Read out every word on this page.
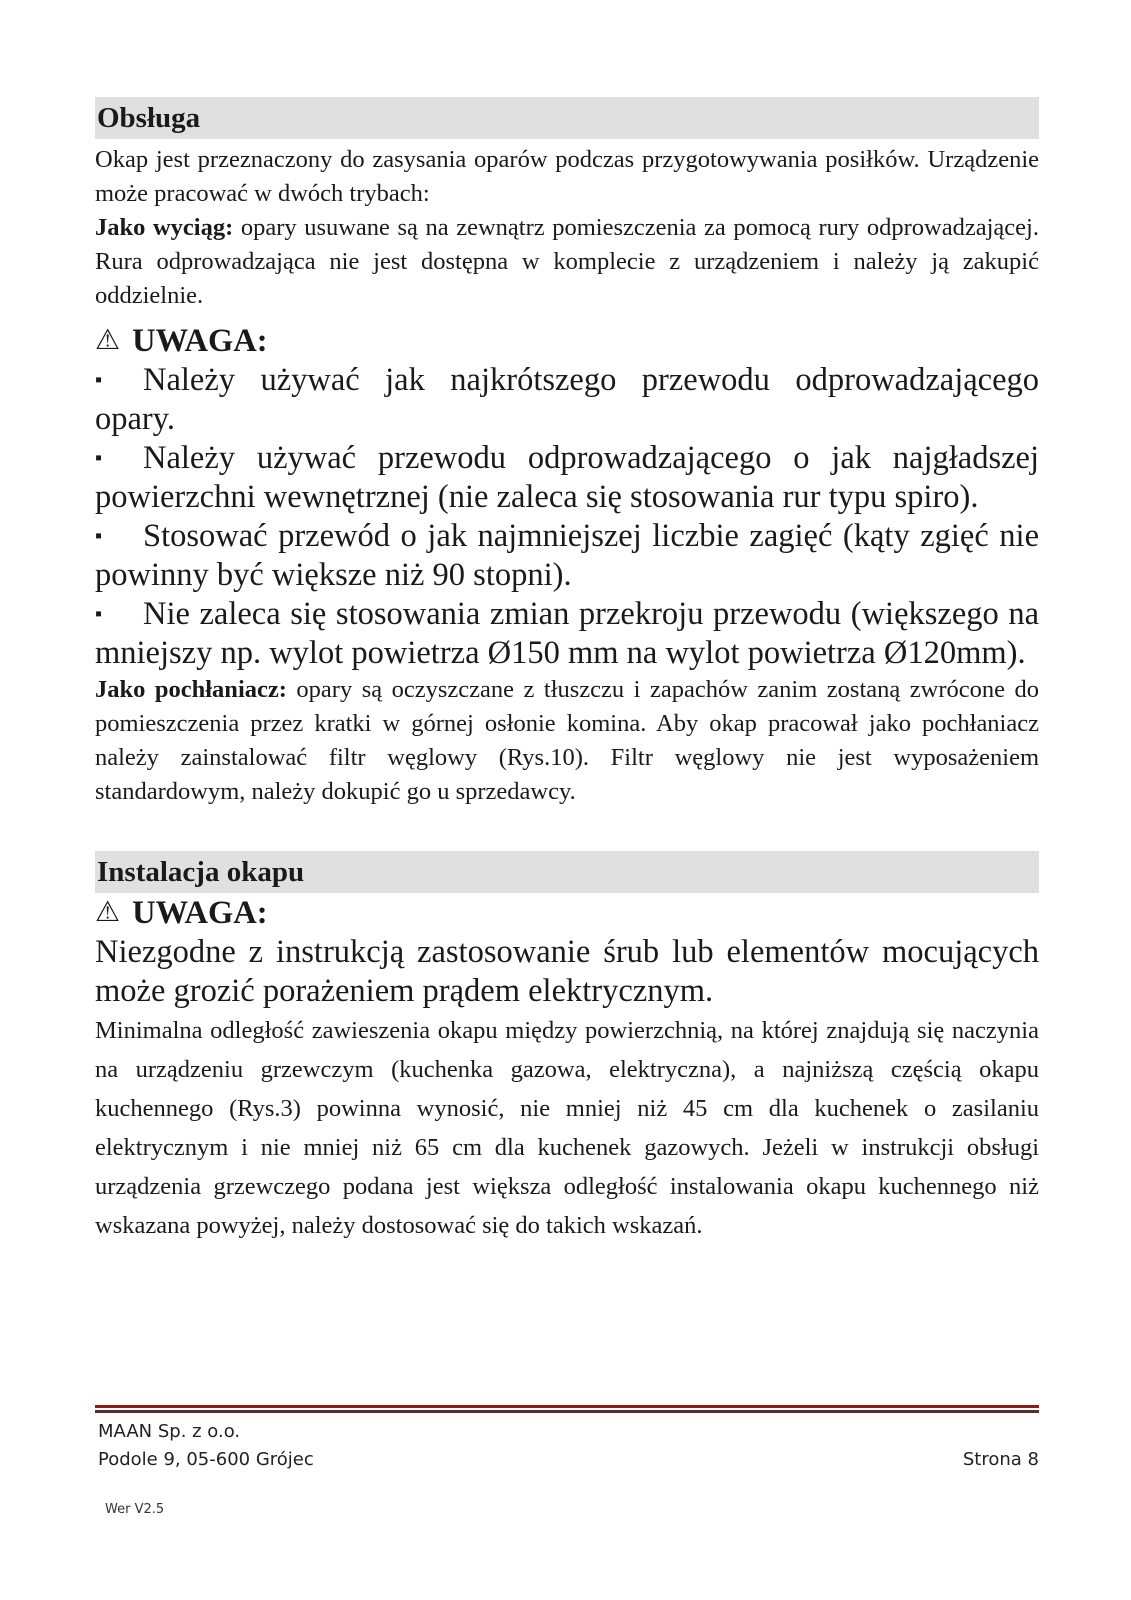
Obsługa

Okap jest przeznaczony do zasysania oparów podczas przygotowywania posiłków. Urządzenie może pracować w dwóch trybach:

Jako wyciąg: opary usuwane są na zewnątrz pomieszczenia za pomocą rury odprowadzającej. Rura odprowadzająca nie jest dostępna w komplecie z urządzeniem i należy ją zakupić oddzielnie.

⚠ UWAGA:

▪ Należy używać jak najkrótszego przewodu odprowadzającego opary.

▪ Należy używać przewodu odprowadzającego o jak najgładszej powierzchni wewnętrznej (nie zaleca się stosowania rur typu spiro).

▪ Stosować przewód o jak najmniejszej liczbie zagięć (kąty zgięć nie powinny być większe niż 90 stopni).

▪ Nie zaleca się stosowania zmian przekroju przewodu (większego na mniejszy np. wylot powietrza Ø150 mm na wylot powietrza Ø120mm).

Jako pochłaniacz: opary są oczyszczane z tłuszczu i zapachów zanim zostaną zwrócone do pomieszczenia przez kratki w górnej osłonie komina. Aby okap pracował jako pochłaniacz należy zainstalować filtr węglowy (Rys.10). Filtr węglowy nie jest wyposażeniem standardowym, należy dokupić go u sprzedawcy.

Instalacja okapu
⚠ UWAGA:

Niezgodne z instrukcją zastosowanie śrub lub elementów mocujących może grozić porażeniem prądem elektrycznym.

Minimalna odległość zawieszenia okapu między powierzchnią, na której znajdują się naczynia na urządzeniu grzewczym (kuchenka gazowa, elektryczna), a najniższą częścią okapu kuchennego (Rys.3) powinna wynosić, nie mniej niż 45 cm dla kuchenek o zasilaniu elektrycznym i nie mniej niż 65 cm dla kuchenek gazowych. Jeżeli w instrukcji obsługi urządzenia grzewczego podana jest większa odległość instalowania okapu kuchennego niż wskazana powyżej, należy dostosować się do takich wskazań.

MAAN Sp. z o.o.
Podole 9, 05-600 Grójec	Strona 8
Wer V2.5
